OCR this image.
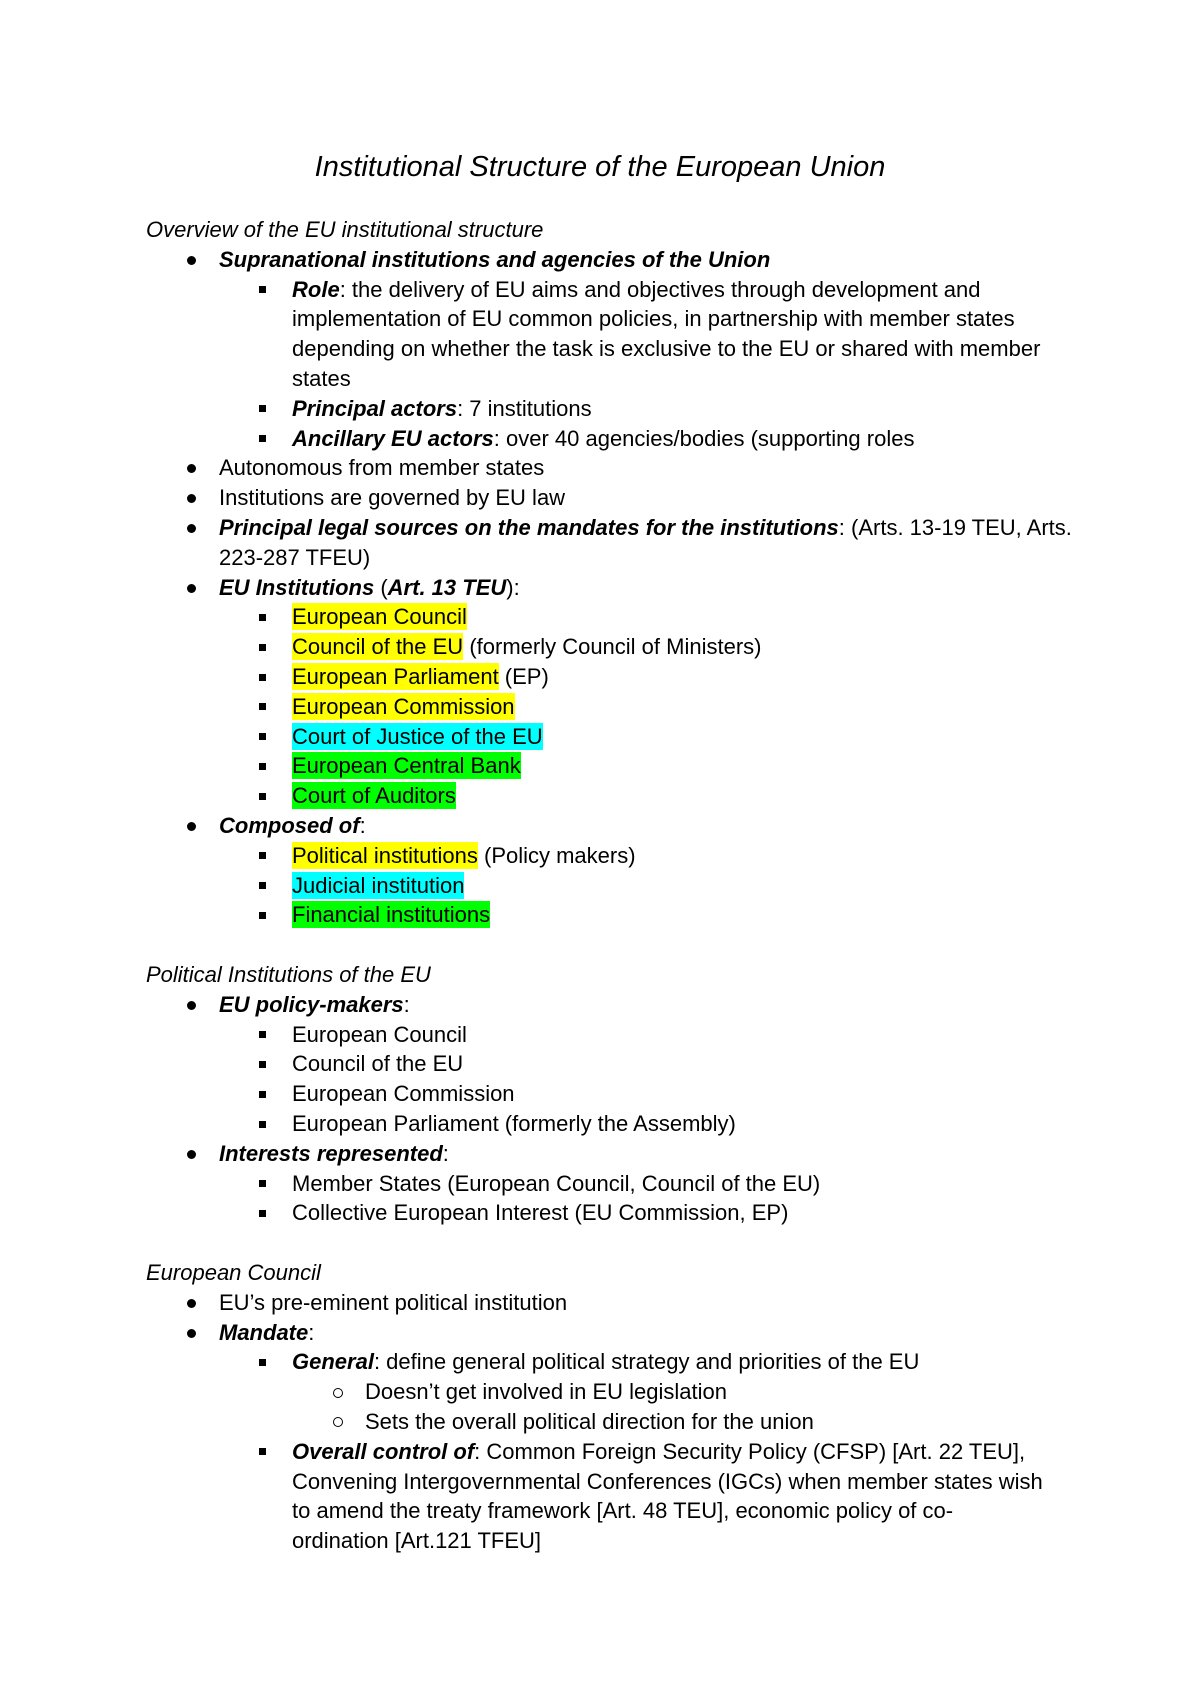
Institutional Structure of the European Union
Overview of the EU institutional structure
Supranational institutions and agencies of the Union
Role: the delivery of EU aims and objectives through development and
implementation of EU common policies, in partnership with member states
depending on whether the task is exclusive to the EU or shared with member
states
Principal actors: 7 institutions
Ancillary EU actors: over 40 agencies/bodies (supporting roles
Autonomous from member states
Institutions are governed by EU law
Principal legal sources on the mandates for the institutions: (Arts. 13-19 TEU, Arts.
223-287 TFEU)
EU Institutions (Art. 13 TEU):
European Council
Council of the EU (formerly Council of Ministers)
European Parliament (EP)
European Commission
Court of Justice of the EU
European Central Bank
Court of Auditors
Composed of:
Political institutions (Policy makers)
Judicial institution
Financial institutions
Political Institutions of the EU
EU policy-makers:
European Council
Council of the EU
European Commission
European Parliament (formerly the Assembly)
Interests represented:
Member States (European Council, Council of the EU)
Collective European Interest (EU Commission, EP)
European Council
EU’s pre-eminent political institution
Mandate:
General: define general political strategy and priorities of the EU
Doesn’t get involved in EU legislation
Sets the overall political direction for the union
Overall control of: Common Foreign Security Policy (CFSP) [Art. 22 TEU],
Convening Intergovernmental Conferences (IGCs) when member states wish
to amend the treaty framework [Art. 48 TEU], economic policy of co-
ordination [Art.121 TFEU]
